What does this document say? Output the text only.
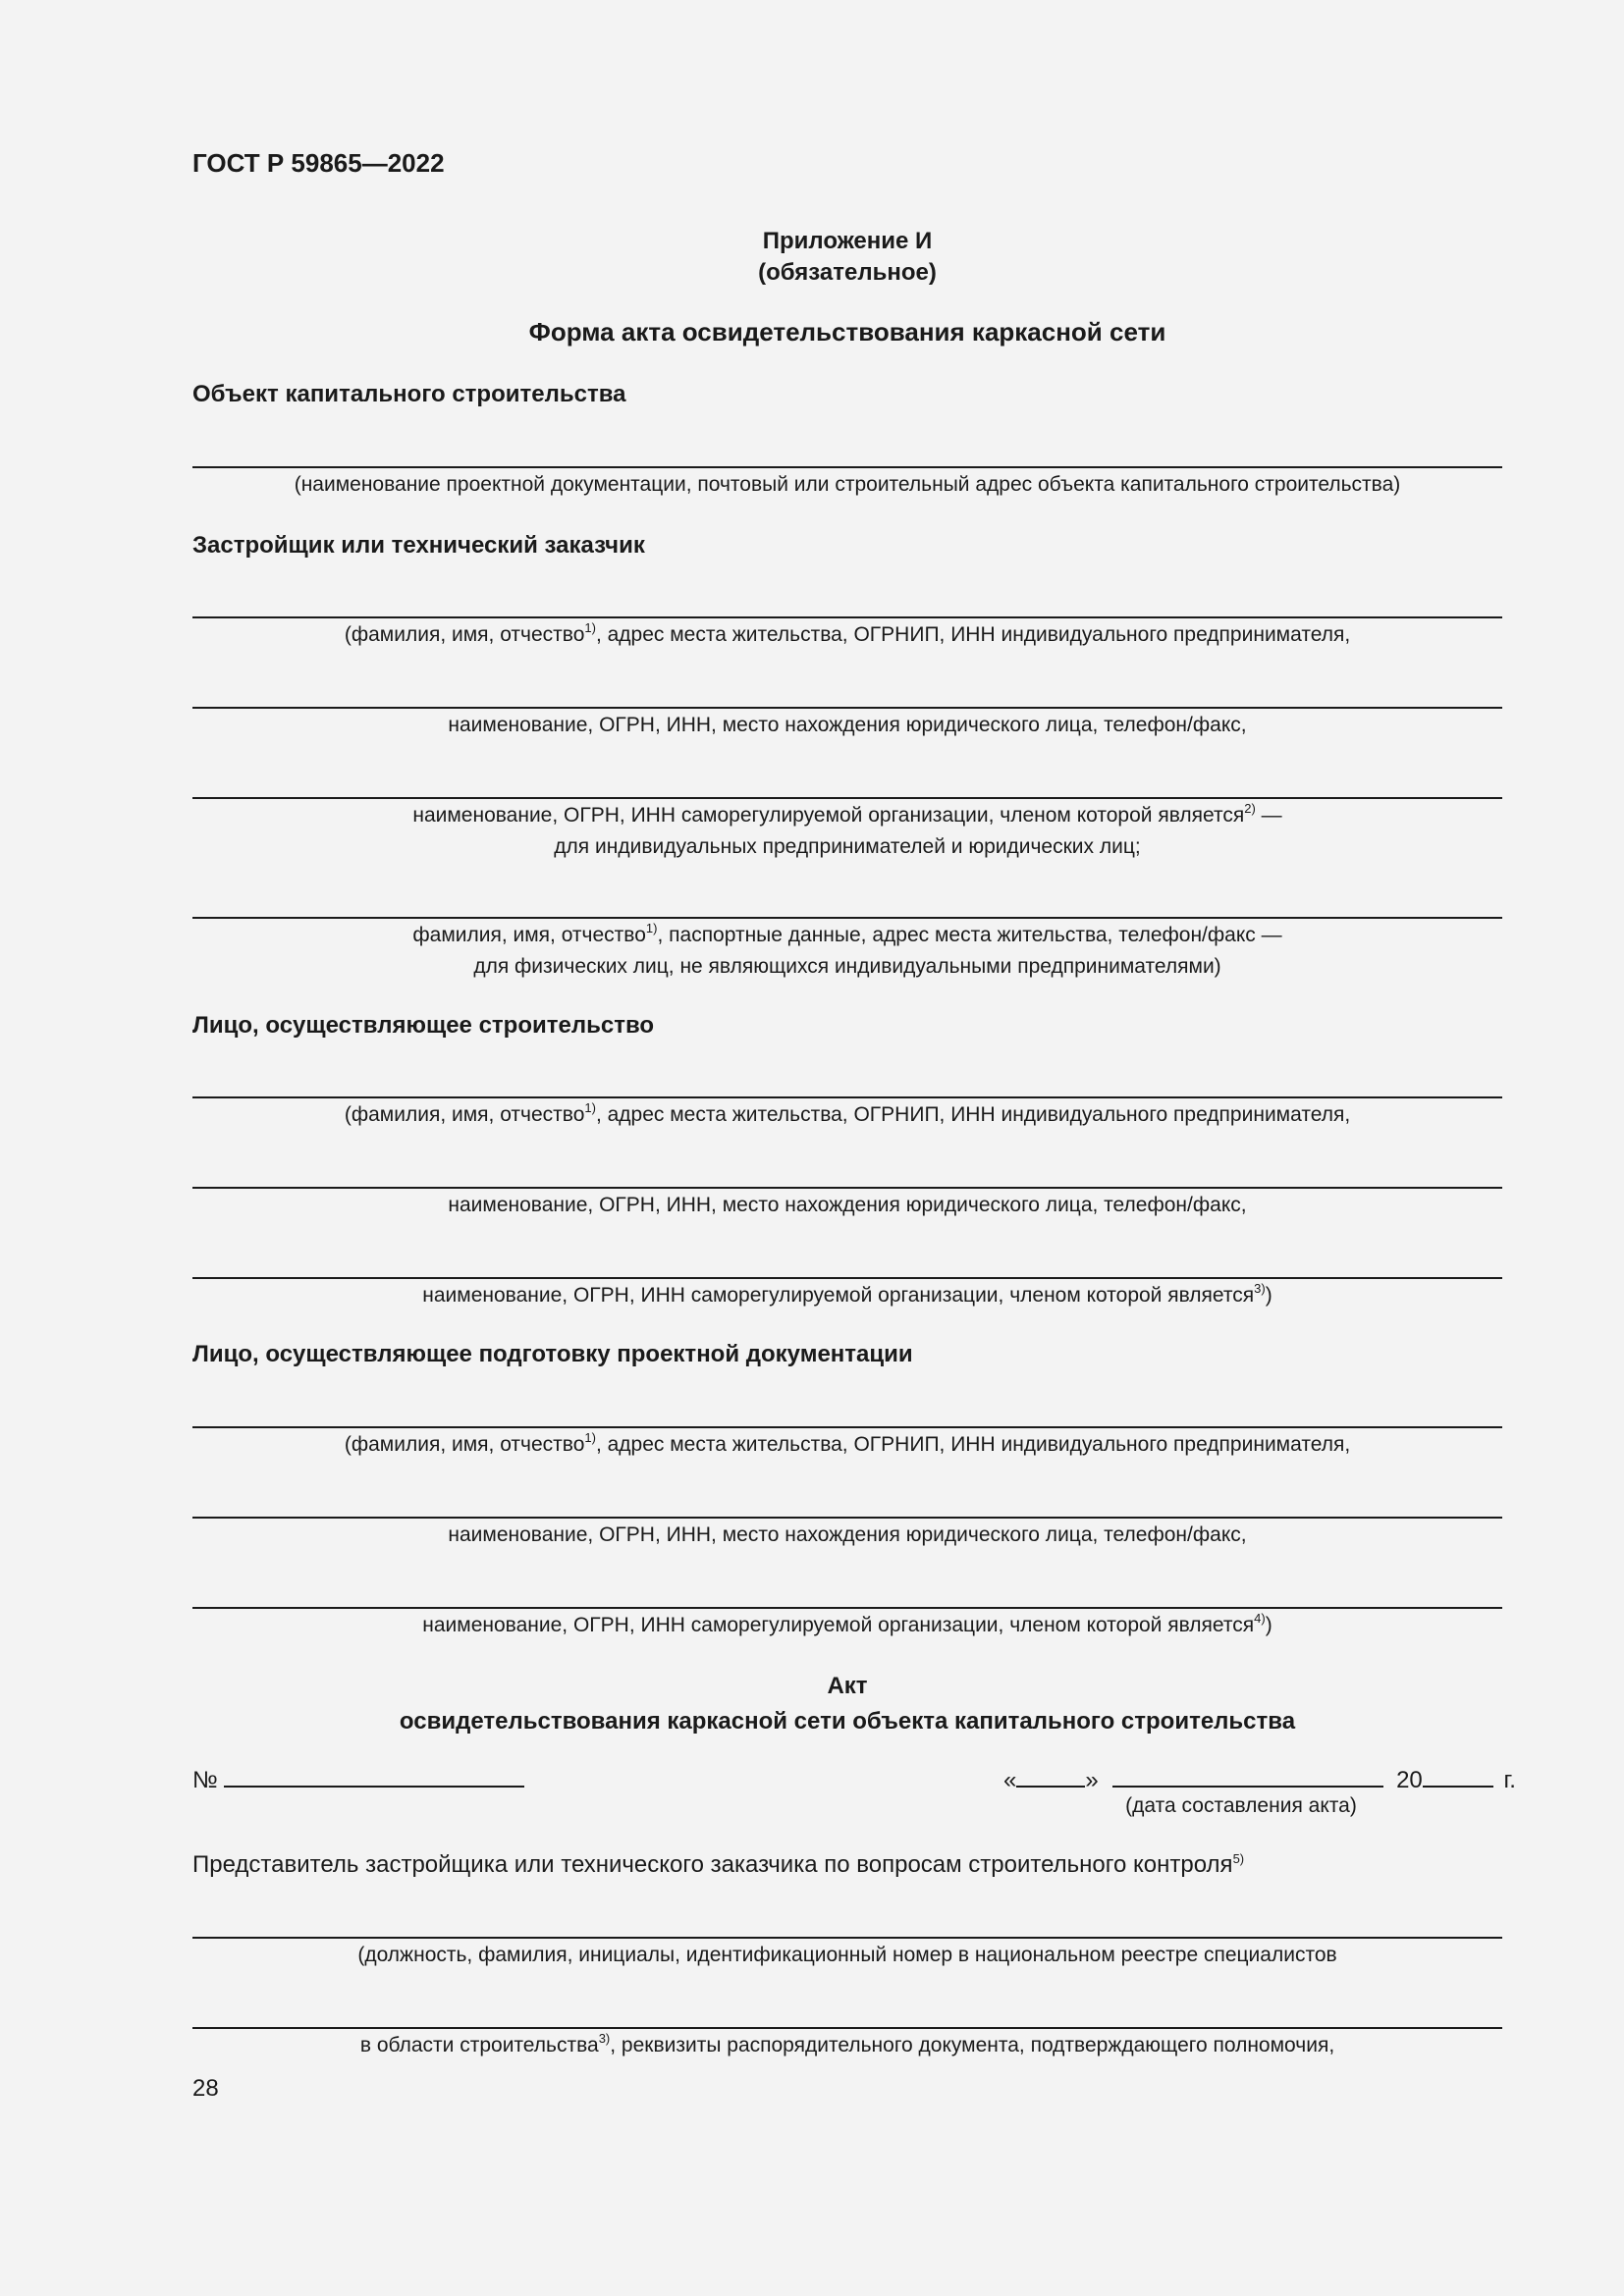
ГОСТ Р 59865—2022
Приложение И
(обязательное)
Форма акта освидетельствования каркасной сети
Объект капитального строительства
(наименование проектной документации, почтовый или строительный адрес объекта капитального строительства)
Застройщик или технический заказчик
(фамилия, имя, отчество$^{1)}$, адрес места жительства, ОГРНИП, ИНН индивидуального предпринимателя,
наименование, ОГРН, ИНН, место нахождения юридического лица, телефон/факс,
наименование, ОГРН, ИНН саморегулируемой организации, членом которой является$^{2)}$ —
для индивидуальных предпринимателей и юридических лиц;
фамилия, имя, отчество$^{1)}$, паспортные данные, адрес места жительства, телефон/факс —
для физических лиц, не являющихся индивидуальными предпринимателями)
Лицо, осуществляющее строительство
(фамилия, имя, отчество$^{1)}$, адрес места жительства, ОГРНИП, ИНН индивидуального предпринимателя,
наименование, ОГРН, ИНН, место нахождения юридического лица, телефон/факс,
наименование, ОГРН, ИНН саморегулируемой организации, членом которой является$^{3)}$)
Лицо, осуществляющее подготовку проектной документации
(фамилия, имя, отчество$^{1)}$, адрес места жительства, ОГРНИП, ИНН индивидуального предпринимателя,
наименование, ОГРН, ИНН, место нахождения юридического лица, телефон/факс,
наименование, ОГРН, ИНН саморегулируемой организации, членом которой является$^{4)}$)
Акт
освидетельствования каркасной сети объекта капитального строительства
№	«	»	20	г.
(дата составления акта)
Представитель застройщика или технического заказчика по вопросам строительного контроля$^{5)}$
(должность, фамилия, инициалы, идентификационный номер в национальном реестре специалистов
в области строительства$^{3)}$, реквизиты распорядительного документа, подтверждающего полномочия,
28
